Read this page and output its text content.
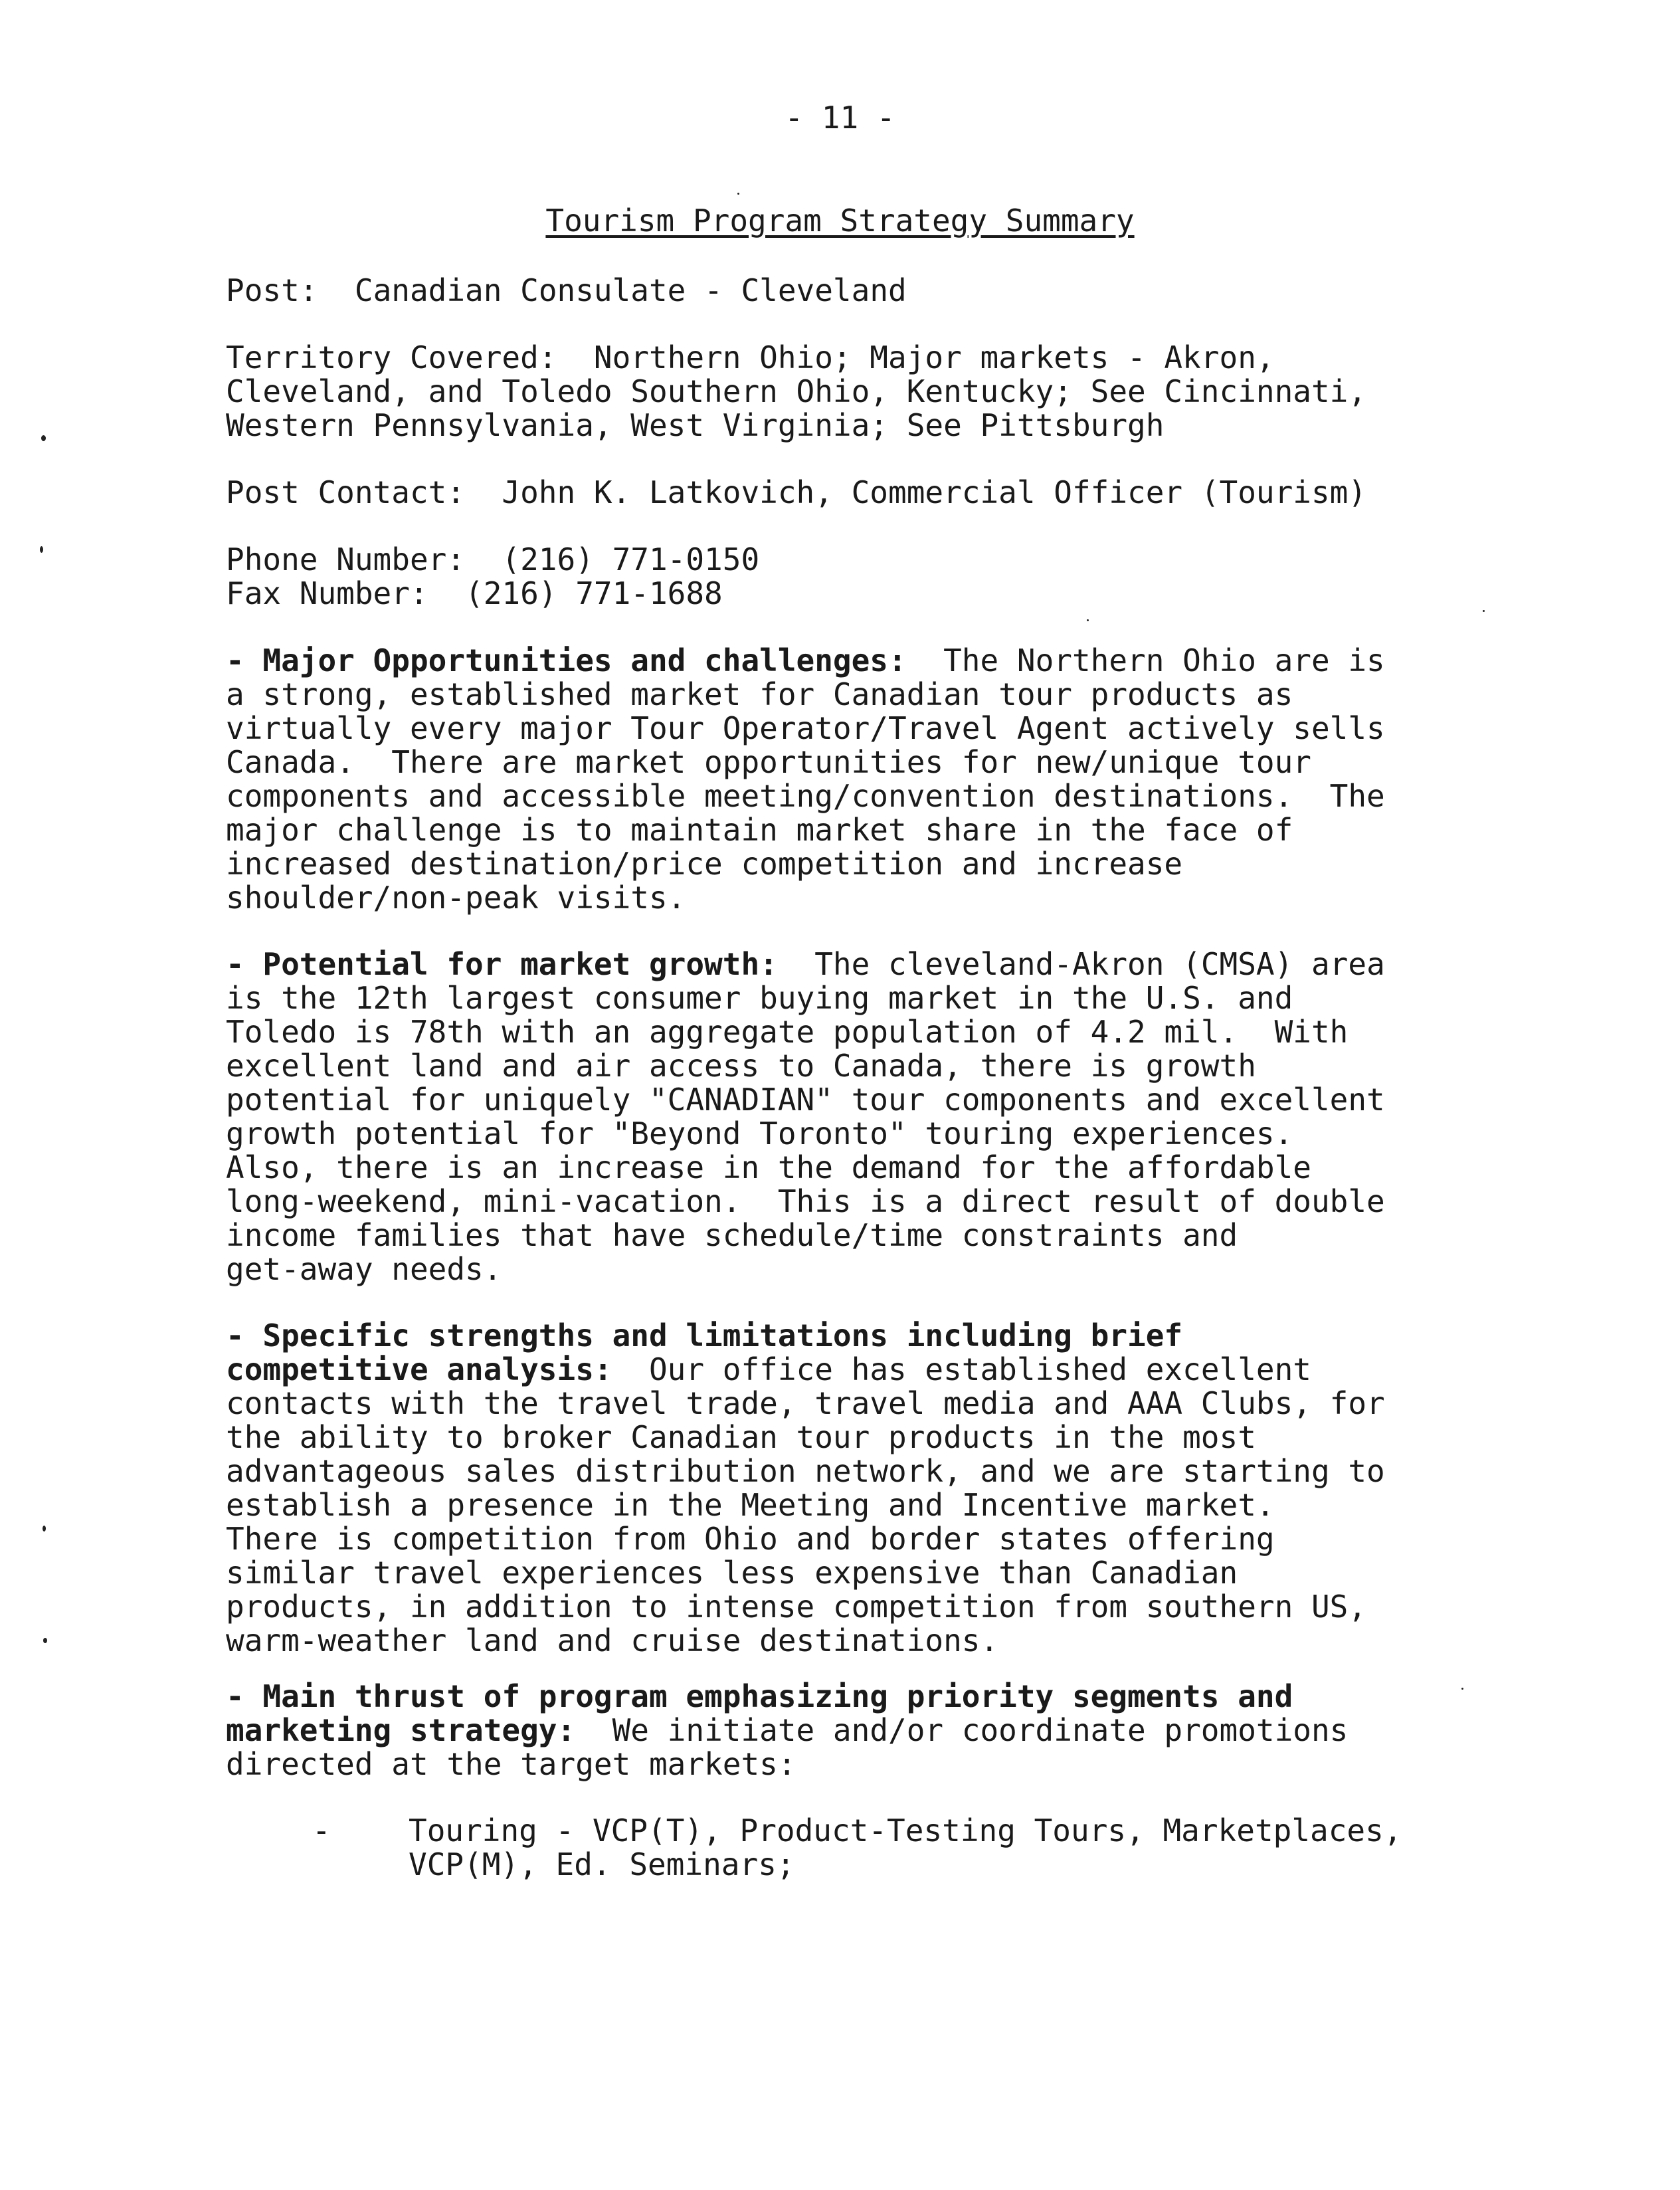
- 11 -
Tourism Program Strategy Summary
Post: Canadian Consulate - Cleveland
Territory Covered:  Northern Ohio; Major markets - Akron,
Cleveland, and Toledo Southern Ohio, Kentucky; See Cincinnati,
Western Pennsylvania, West Virginia; See Pittsburgh
Post Contact:  John K. Latkovich, Commercial Officer (Tourism)
Phone Number:  (216) 771-0150
Fax Number:  (216) 771-1688
- Major Opportunities and challenges:  The Northern Ohio are is
a strong, established market for Canadian tour products as
virtually every major Tour Operator/Travel Agent actively sells
Canada.  There are market opportunities for new/unique tour
components and accessible meeting/convention destinations.  The
major challenge is to maintain market share in the face of
increased destination/price competition and increase
shoulder/non-peak visits.
- Potential for market growth:  The cleveland-Akron (CMSA) area
is the 12th largest consumer buying market in the U.S. and
Toledo is 78th with an aggregate population of 4.2 mil.  With
excellent land and air access to Canada, there is growth
potential for uniquely "CANADIAN" tour components and excellent
growth potential for "Beyond Toronto" touring experiences.
Also, there is an increase in the demand for the affordable
long-weekend, mini-vacation.  This is a direct result of double
income families that have schedule/time constraints and
get-away needs.
- Specific strengths and limitations including brief
competitive analysis:  Our office has established excellent
contacts with the travel trade, travel media and AAA Clubs, for
the ability to broker Canadian tour products in the most
advantageous sales distribution network, and we are starting to
establish a presence in the Meeting and Incentive market.
There is competition from Ohio and border states offering
similar travel experiences less expensive than Canadian
products, in addition to intense competition from southern US,
warm-weather land and cruise destinations.
- Main thrust of program emphasizing priority segments and
marketing strategy:  We initiate and/or coordinate promotions
directed at the target markets:
-	Touring - VCP(T), Product-Testing Tours, Marketplaces,
VCP(M), Ed. Seminars;
